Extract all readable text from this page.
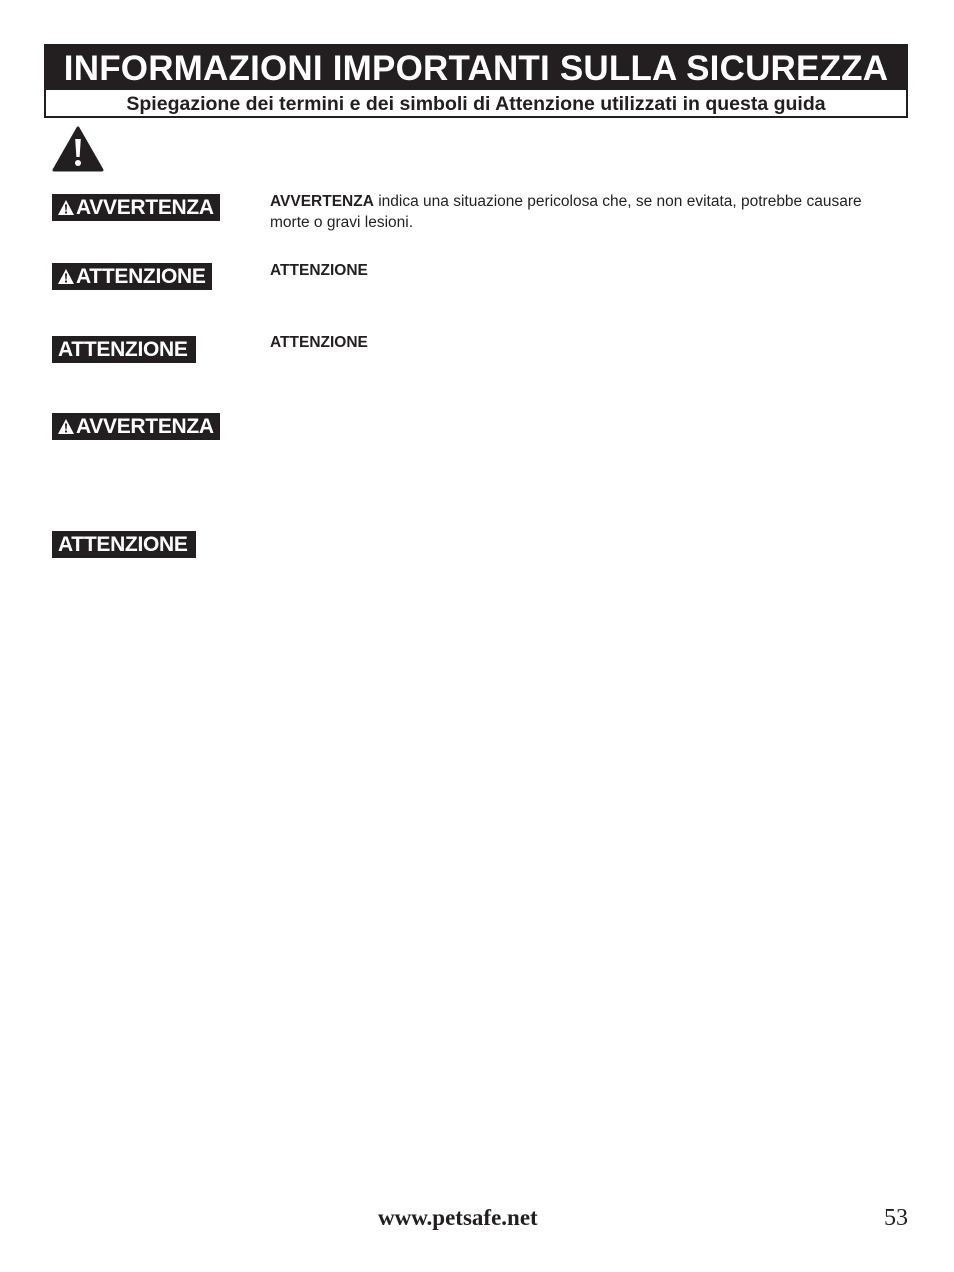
INFORMAZIONI IMPORTANTI SULLA SICUREZZA
Spiegazione dei termini e dei simboli di Attenzione utilizzati in questa guida
AVVERTENZA	AVVERTENZA indica una situazione pericolosa che, se non evitata, potrebbe causare morte o gravi lesioni.
ATTENZIONE	ATTENZIONE
ATTENZIONE	ATTENZIONE
AVVERTENZA
ATTENZIONE
www.petsafe.net	53
